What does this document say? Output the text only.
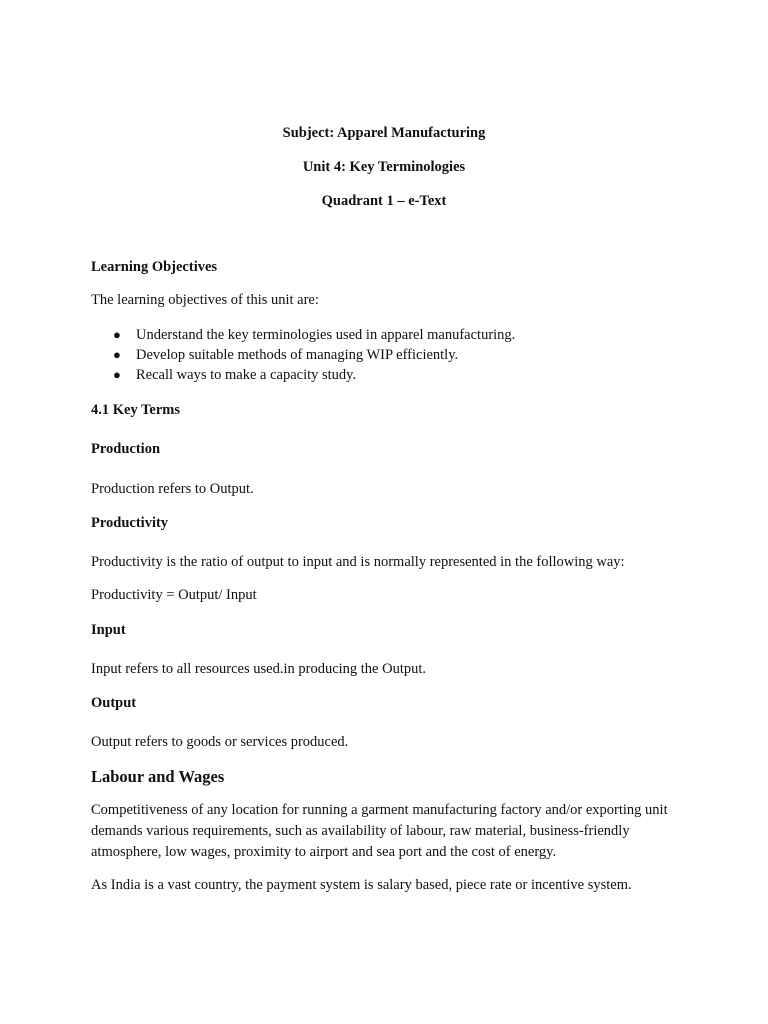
Subject: Apparel Manufacturing
Unit 4: Key Terminologies
Quadrant 1 – e-Text
Learning Objectives
The learning objectives of this unit are:
● Understand the key terminologies used in apparel manufacturing.
● Develop suitable methods of managing WIP efficiently.
● Recall ways to make a capacity study.
4.1 Key Terms
Production
Production refers to Output.
Productivity
Productivity is the ratio of output to input and is normally represented in the following way:
Productivity = Output/ Input
Input
Input refers to all resources used.in producing the Output.
Output
Output refers to goods or services produced.
Labour and Wages
Competitiveness of any location for running a garment manufacturing factory and/or exporting unit demands various requirements, such as availability of labour, raw material, business-friendly atmosphere, low wages, proximity to airport and sea port and the cost of energy.
As India is a vast country, the payment system is salary based, piece rate or incentive system.
